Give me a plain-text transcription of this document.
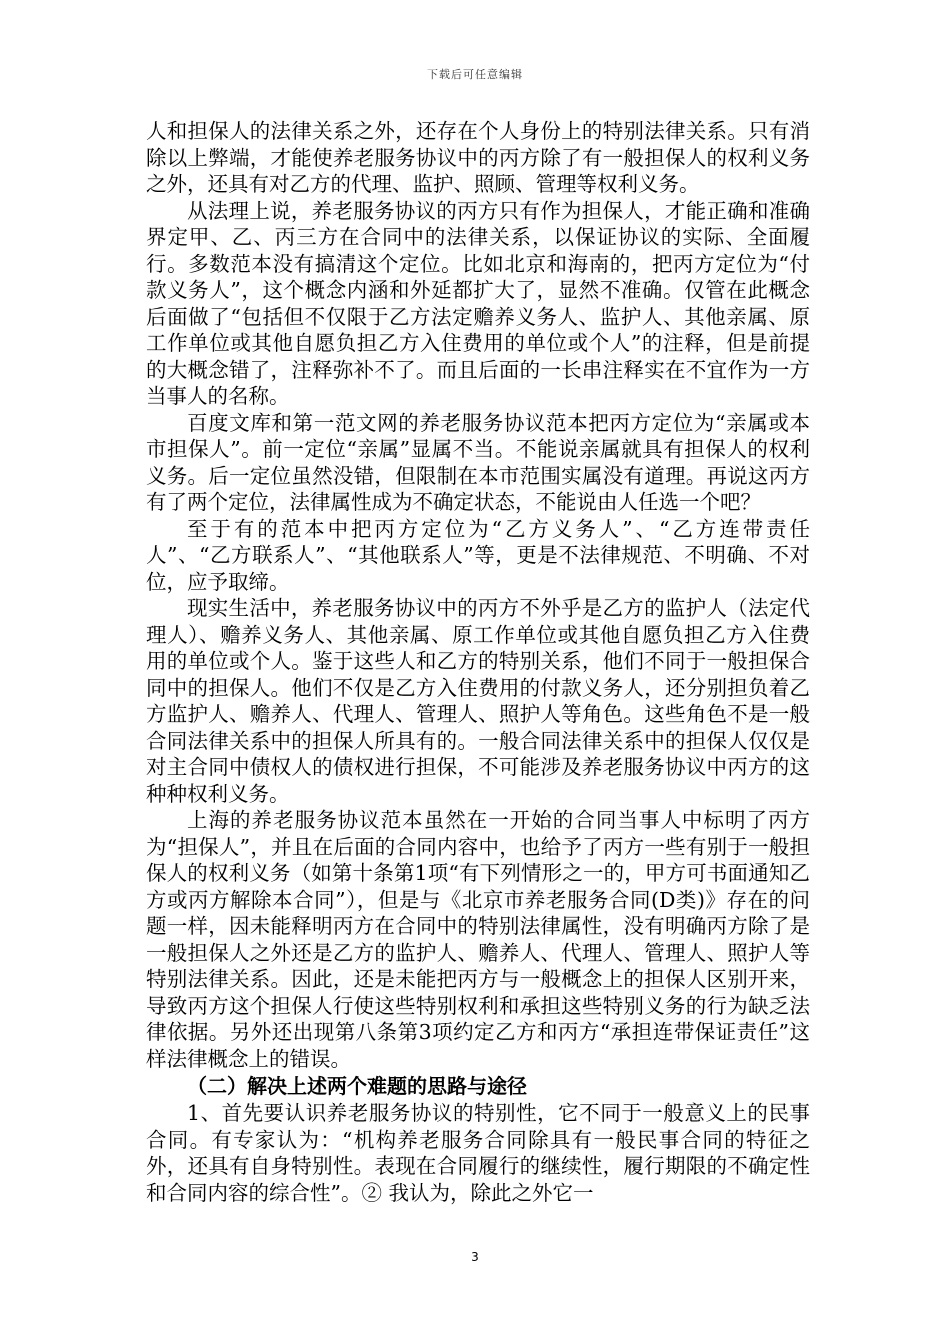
下载后可任意编辑

人和担保人的法律关系之外，还存在个人身份上的特别法律关系。只有消除以上弊端，才能使养老服务协议中的丙方除了有一般担保人的权利义务之外，还具有对乙方的代理、监护、照顾、管理等权利义务。

从法理上说，养老服务协议的丙方只有作为担保人，才能正确和准确界定甲、乙、丙三方在合同中的法律关系，以保证协议的实际、全面履行。多数范本没有搞清这个定位。比如北京和海南的，把丙方定位为“付款义务人”，这个概念内涵和外延都扩大了，显然不准确。仅管在此概念后面做了“包括但不仅限于乙方法定赡养义务人、监护人、其他亲属、原工作单位或其他自愿负担乙方入住费用的单位或个人”的注释，但是前提的大概念错了，注释弥补不了。而且后面的一长串注释实在不宜作为一方当事人的名称。

百度文库和第一范文网的养老服务协议范本把丙方定位为“亲属或本市担保人”。前一定位“亲属”显属不当。不能说亲属就具有担保人的权利义务。后一定位虽然没错，但限制在本市范围实属没有道理。再说这丙方有了两个定位，法律属性成为不确定状态，不能说由人任选一个吧？

至于有的范本中把丙方定位为“乙方义务人”、“乙方连带责任人”、“乙方联系人”、“其他联系人”等，更是不法律规范、不明确、不对位，应予取缔。

现实生活中，养老服务协议中的丙方不外乎是乙方的监护人（法定代理人）、赡养义务人、其他亲属、原工作单位或其他自愿负担乙方入住费用的单位或个人。鉴于这些人和乙方的特别关系，他们不同于一般担保合同中的担保人。他们不仅是乙方入住费用的付款义务人，还分别担负着乙方监护人、赡养人、代理人、管理人、照护人等角色。这些角色不是一般合同法律关系中的担保人所具有的。一般合同法律关系中的担保人仅仅是对主合同中债权人的债权进行担保，不可能涉及养老服务协议中丙方的这种种权利义务。

上海的养老服务协议范本虽然在一开始的合同当事人中标明了丙方为“担保人”，并且在后面的合同内容中，也给予了丙方一些有别于一般担保人的权利义务（如第十条第1项“有下列情形之一的，甲方可书面通知乙方或丙方解除本合同”），但是与《北京市养老服务合同(D类)》存在的问题一样，因未能释明丙方在合同中的特别法律属性，没有明确丙方除了是一般担保人之外还是乙方的监护人、赡养人、代理人、管理人、照护人等特别法律关系。因此，还是未能把丙方与一般概念上的担保人区别开来，导致丙方这个担保人行使这些特别权利和承担这些特别义务的行为缺乏法律依据。另外还出现第八条第3项约定乙方和丙方“承担连带保证责任”这样法律概念上的错误。

（二）解决上述两个难题的思路与途径

1、首先要认识养老服务协议的特别性，它不同于一般意义上的民事合同。有专家认为：“机构养老服务合同除具有一般民事合同的特征之外，还具有自身特别性。表现在合同履行的继续性，履行期限的不确定性和合同内容的综合性”。② 我认为，除此之外它一

3
